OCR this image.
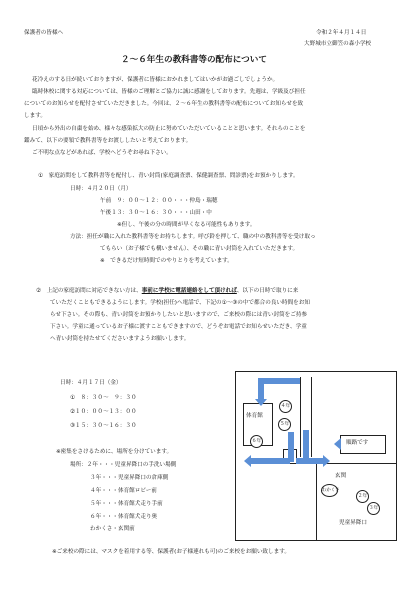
保護者の皆様へ	令和２年４月１４日
大野城市立御笠の森小学校
２～６年生の教科書等の配布について
花冷えのする日が続いておりますが、保護者に皆様におかれましてはいかがお過ごしでしょうか。
臨時休校に関する対応については、皆様のご理解とご協力に誠に感謝をしております。先週は、学級及び担任
についてのお知らせを配付させていただきました。今回は、２～６年生の教科書等の配布についてお知らせを致
します。
日頃から外出の自粛を始め、様々な感染拡大の防止に努めていただいていることと思います。それらのことを
鑑みて、以下の要領で教科書等をお渡ししたいと考えております。
ご不明な点などがあれば、学校へどうぞお尋ね下さい。
①　家庭訪問をして教科書等を配付し、青い封筒(家庭調査票、保健調査票、問診票)をお預かりします。
日時：４月２０日（月）
午前　９：００～１２：００・・・仲島・瑞穂
午後１３：３０～１６：３０・・・山田・中
※但し、午後の分の時間が早くなる可能性もあります。
方法：担任が職に入れた教科書等をお持ちします。呼び鈴を押して、職の中の教科書等を受け取っ
てもらい（お子様でも構いません）、その職に青い封筒を入れていただきます。
※　できるだけ短時間でのやりとりを考えています。
②　上記の家庭訪問に対応できない方は、事前に学校に電話連絡をして頂ければ、以下の日時で取りに来
ていただくこともできるようにします。学校(担任)へ電話で、下記の①～③の中で都合の良い時間をお知
らせ下さい。その際も、青い封筒をお預かりしたいと思いますので、ご来校の際には青い封筒をご持参
下さい。学童に通っているお子様に渡すこともできますので、どうぞお電話でお知らせいただき、学童
へ青い封筒を持たせてくださいますようお願いします。
日時：４月１７日（金）
①　８：３０～　９：３０
②１０：００～１３：００
③１５：３０～１６：３０
※密集をさけるために、場所を分けています。
場所：２年・・・児童昇降口の手洗い場側
３年・・・児童昇降口の倉庫側
４年・・・体育館ロビー前
５年・・・体育館犬走り手前
６年・・・体育館犬走り奥
わかくさ・玄関前
体育館
玄関
児童昇降口
順路です
４年
５年
６年
わかくさ
２年
３年
※ご来校の際には、マスクを着用する等、保護者(お子様連れも可)のご来校をお願い致します。
